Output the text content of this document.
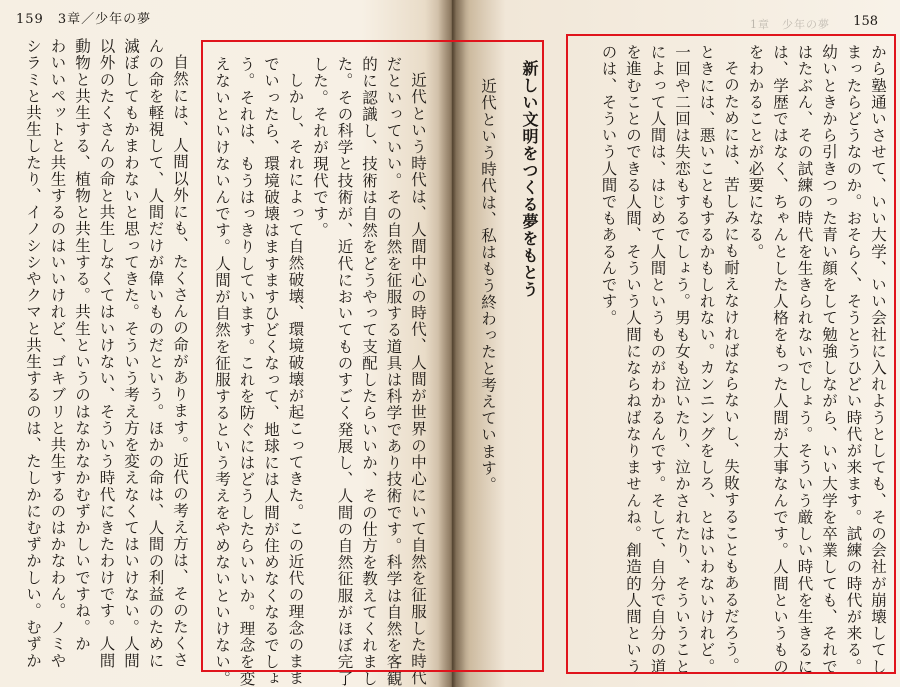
159　3章／少年の夢	1章　少年の夢 158
から塾通いさせて、いい大学、いい会社に入れようとしても、その会社が崩壊してし
まったらどうなのか。おそらく、そうとうひどい時代が来ます。試練の時代が来る。
幼いときから引きつった青い顔をして勉強しながら、いい大学を卒業しても、それで
はたぶん、その試練の時代を生きられないでしょう。そういう厳しい時代を生きるに
は、学歴ではなく、ちゃんとした人格をもった人間が大事なんです。人間というもの
をわかることが必要になる。
そのためには、苦しみにも耐えなければならないし、失敗することもあるだろう。
ときには、悪いこともするかもしれない。カンニングをしろ、とはいわないけれど。
一回や二回は失恋もするでしょう。男も女も泣いたり、泣かされたり、そういうこと
によって人間は、はじめて人間というものがわかるんです。そして、自分で自分の道
を進むことのできる人間、そういう人間にならねばなりませんね。創造的人間という
のは、そういう人間でもあるんです。
新しい文明をつくる夢をもとう
近代という時代は、私はもう終わったと考えています。
近代という時代は、人間中心の時代、人間が世界の中心にいて自然を征服した時代
だといっていい。その自然を征服する道具は科学であり技術です。科学は自然を客観
的に認識し、技術は自然をどうやって支配したらいいか、その仕方を教えてくれまし
た。その科学と技術が、近代においてものすごく発展し、人間の自然征服がほぼ完了
した。それが現代です。
しかし、それによって自然破壊、環境破壊が起こってきた。この近代の理念のまま
でいったら、環境破壊はますますひどくなって、地球には人間が住めなくなるでしょ
う。それは、もうはっきりしています。これを防ぐにはどうしたらいいか。理念を変
えないといけないんです。人間が自然を征服するという考えをやめないといけない。
自然には、人間以外にも、たくさんの命があります。近代の考え方は、そのたくさ
んの命を軽視して、人間だけが偉いものだという。ほかの命は、人間の利益のために
滅ぼしてもかまわないと思ってきた。そういう考え方を変えなくてはいけない。人間
以外のたくさんの命と共生しなくてはいけない、そういう時代にきたわけです。人間
動物と共生する、植物と共生する。共生というのはなかなかむずかしいですね。か
わいいペットと共生するのはいいけれど、ゴキブリと共生するのはかなわん。ノミや
シラミと共生したり、イノシシやクマと共生するのは、たしかにむずかしい。むずか
